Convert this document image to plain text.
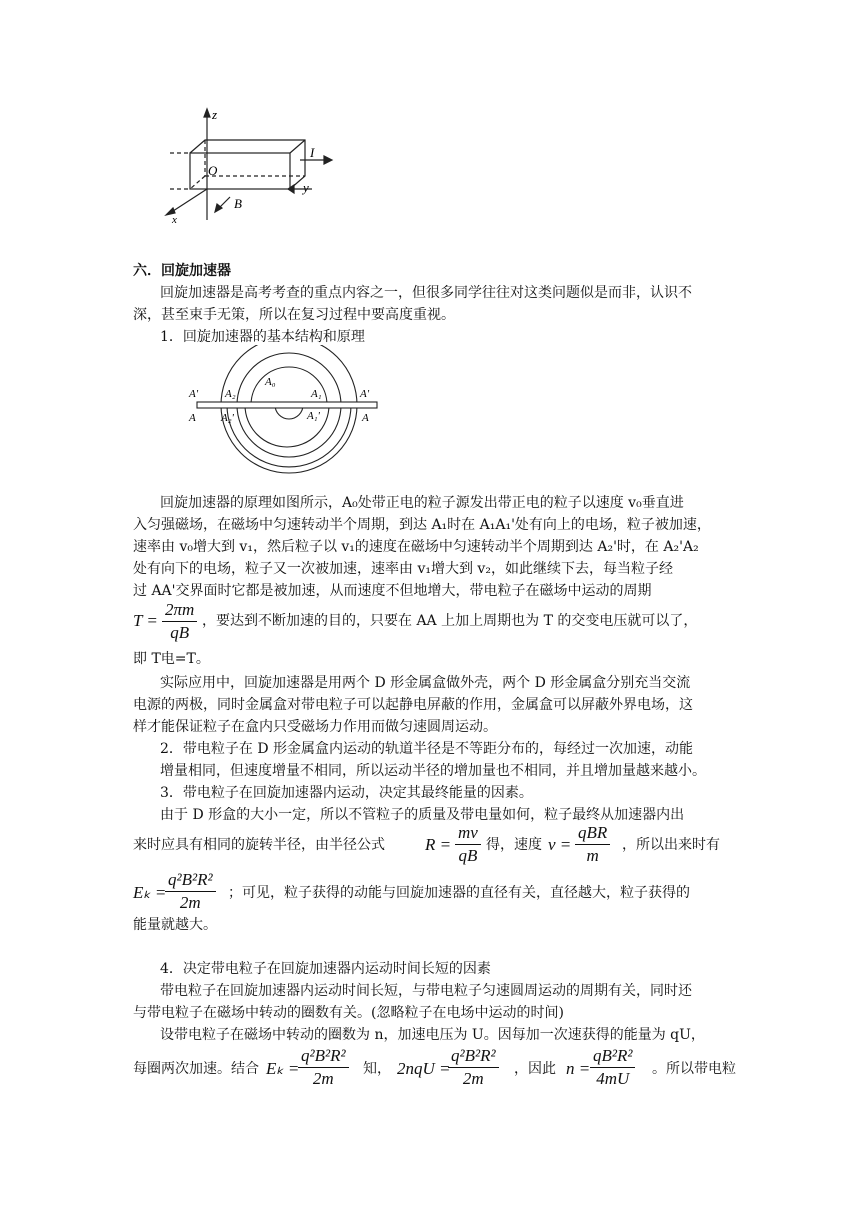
z
O
I
y
B
x
六．回旋加速器
回旋加速器是高考考查的重点内容之一，但很多同学往往对这类问题似是而非，认识不
深，甚至束手无策，所以在复习过程中要高度重视。
1．回旋加速器的基本结构和原理
A'
A
A₂
A₂'
A₀
A₁
A₁'
A'
A
回旋加速器的原理如图所示，A₀处带正电的粒子源发出带正电的粒子以速度 v₀垂直进
入匀强磁场，在磁场中匀速转动半个周期，到达 A₁时在 A₁A₁'处有向上的电场，粒子被加速，
速率由 v₀增大到 v₁，然后粒子以 v₁的速度在磁场中匀速转动半个周期到达 A₂'时，在 A₂'A₂
处有向下的电场，粒子又一次被加速，速率由 v₁增大到 v₂，如此继续下去，每当粒子经
过 AA'交界面时它都是被加速，从而速度不但地增大，带电粒子在磁场中运动的周期
$T = \frac{2\pi m}{qB}$ ，要达到不断加速的目的，只要在 AA 上加上周期也为 T 的交变电压就可以了，
即 T电=T。
实际应用中，回旋加速器是用两个 D 形金属盒做外壳，两个 D 形金属盒分别充当交流
电源的两极，同时金属盒对带电粒子可以起静电屏蔽的作用，金属盒可以屏蔽外界电场，这
样才能保证粒子在盒内只受磁场力作用而做匀速圆周运动。
2．带电粒子在 D 形金属盒内运动的轨道半径是不等距分布的，每经过一次加速，动能
增量相同，但速度增量不相同，所以运动半径的增加量也不相同，并且增加量越来越小。
3．带电粒子在回旋加速器内运动，决定其最终能量的因素。
由于 D 形盒的大小一定，所以不管粒子的质量及带电量如何，粒子最终从加速器内出
来时应具有相同的旋转半径，由半径公式 $R = \frac{mv}{qB}$ 得，速度 v =
qBR
m
，所以出来时有
Eₖ =
$\frac{\text{q²B²R²}}{2m}$ ；可见，粒子获得的动能与回旋加速器的直径有关，直径越大，粒子获得的
能量就越大。
4．决定带电粒子在回旋加速器内运动时间长短的因素
带电粒子在回旋加速器内运动时间长短，与带电粒子匀速圆周运动的周期有关，同时还
与带电粒子在磁场中转动的圈数有关。(忽略粒子在电场中运动的时间)
设带电粒子在磁场中转动的圈数为 n，加速电压为 U。因每加一次速获得的能量为 qU，
每圈两次加速。结合 Eₖ =
$\frac{\text{q²B²R²}}{2m}$ 知， 2nqU =
$\frac{\text{q²B²R²}}{2m}$ ，因此 $n = \frac{\text{qB²R²}}{4mU}$ 。所以带电粒
